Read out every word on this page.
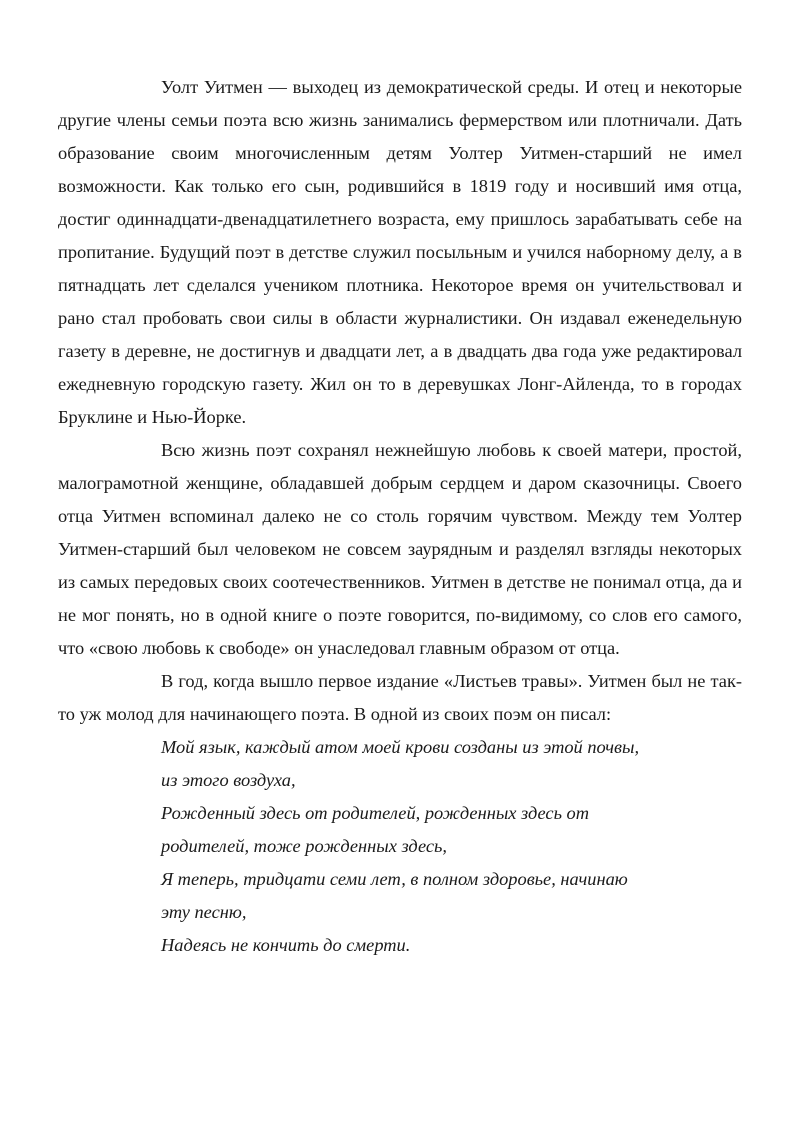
Уолт Уитмен — выходец из демократической среды. И отец и некоторые другие члены семьи поэта всю жизнь занимались фермерством или плотничали. Дать образование своим многочисленным детям Уолтер Уитмен-старший не имел возможности. Как только его сын, родившийся в 1819 году и носивший имя отца, достиг одиннадцати-двенадцатилетнего возраста, ему пришлось зарабатывать себе на пропитание. Будущий поэт в детстве служил посыльным и учился наборному делу, а в пятнадцать лет сделался учеником плотника. Некоторое время он учительствовал и рано стал пробовать свои силы в области журналистики. Он издавал еженедельную газету в деревне, не достигнув и двадцати лет, а в двадцать два года уже редактировал ежедневную городскую газету. Жил он то в деревушках Лонг-Айленда, то в городах Бруклине и Нью-Йорке.

Всю жизнь поэт сохранял нежнейшую любовь к своей матери, простой, малограмотной женщине, обладавшей добрым сердцем и даром сказочницы. Своего отца Уитмен вспоминал далеко не со столь горячим чувством. Между тем Уолтер Уитмен-старший был человеком не совсем заурядным и разделял взгляды некоторых из самых передовых своих соотечественников. Уитмен в детстве не понимал отца, да и не мог понять, но в одной книге о поэте говорится, по-видимому, со слов его самого, что «свою любовь к свободе» он унаследовал главным образом от отца.

В год, когда вышло первое издание «Листьев травы». Уитмен был не так-то уж молод для начинающего поэта. В одной из своих поэм он писал:

Мой язык, каждый атом моей крови созданы из этой почвы,
из этого воздуха,
Рожденный здесь от родителей, рожденных здесь от
родителей, тоже рожденных здесь,
Я теперь, тридцати семи лет, в полном здоровье, начинаю
эту песню,
Надеясь не кончить до смерти.
